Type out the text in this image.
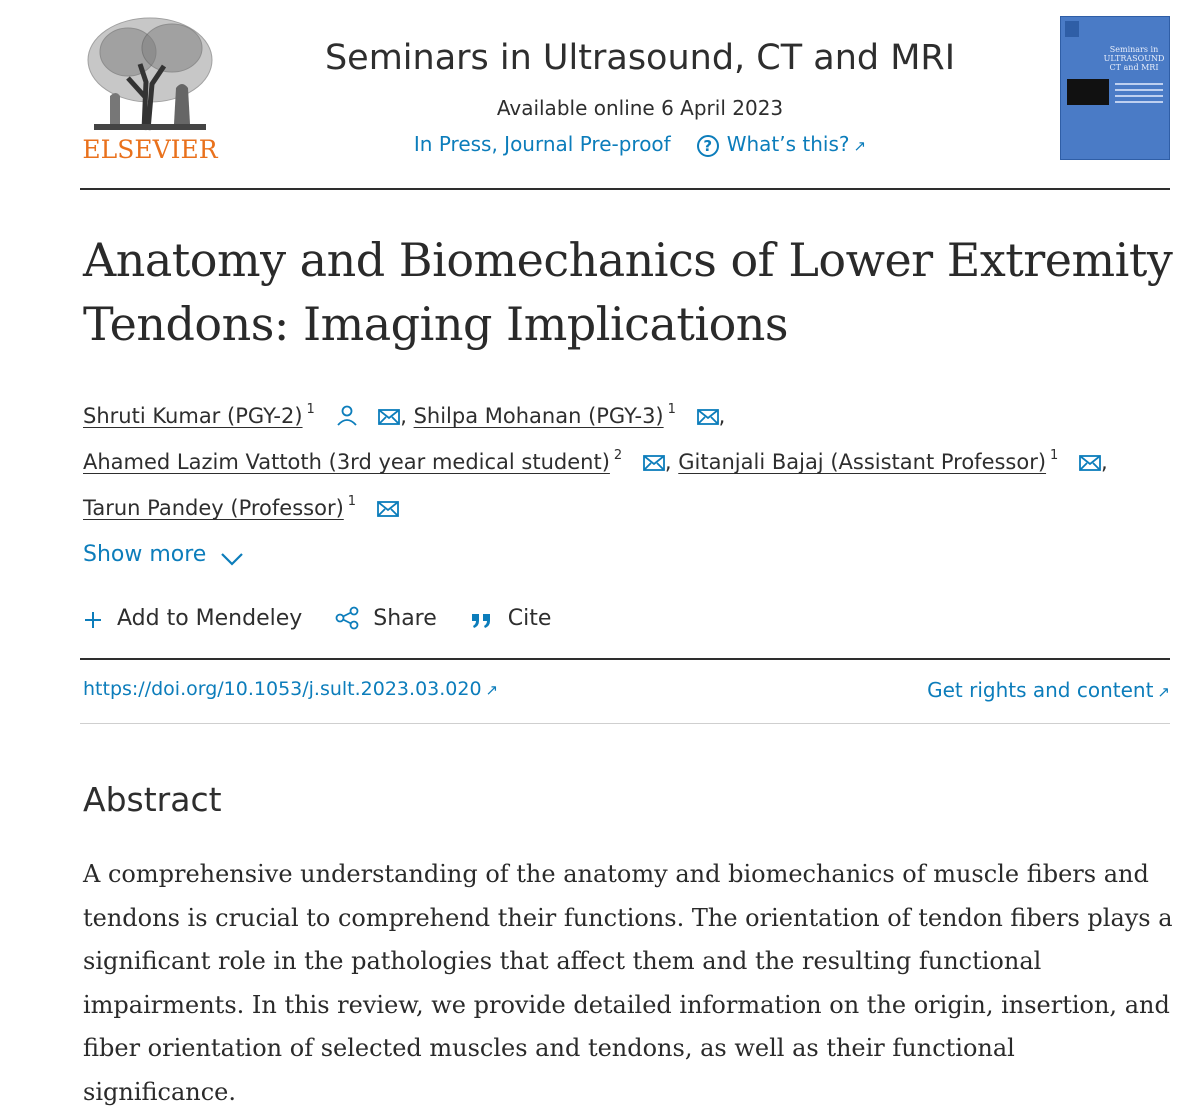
ELSEVIER
Seminars in Ultrasound, CT and MRI
Available online 6 April 2023
In Press, Journal Pre-proof ? What’s this? ↗
Seminars in ULTRASOUND CT and MRI
Anatomy and Biomechanics of Lower Extremity Tendons: Imaging Implications
Shruti Kumar (PGY-2) $^1$	, Shilpa Mohanan (PGY-3) $^1$ ,
Ahamed Lazim Vattoth (3rd year medical student) $^2$ , Gitanjali Bajaj (Assistant Professor) $^1$ ,
Tarun Pandey (Professor) $^1$
Show more
Add to Mendeley	Share	Cite
https://doi.org/10.1053/j.sult.2023.03.020 ↗	Get rights and content ↗
Abstract

A comprehensive understanding of the anatomy and biomechanics of muscle fibers and tendons is crucial to comprehend their functions. The orientation of tendon fibers plays a significant role in the pathologies that affect them and the resulting functional impairments. In this review, we provide detailed information on the origin, insertion, and fiber orientation of selected muscles and tendons, as well as their functional significance.
